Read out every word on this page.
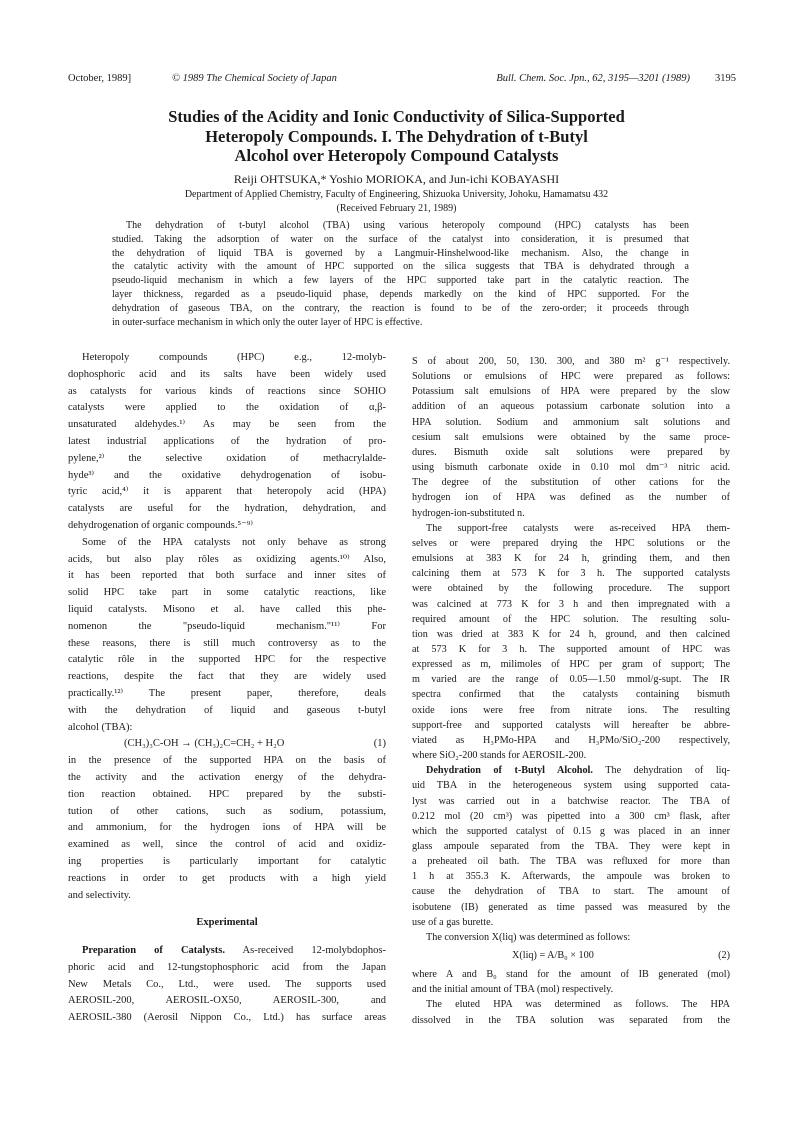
October, 1989]	© 1989 The Chemical Society of Japan	Bull. Chem. Soc. Jpn., 62, 3195—3201 (1989) 3195
Studies of the Acidity and Ionic Conductivity of Silica-Supported
Heteropoly Compounds. I. The Dehydration of t-Butyl
Alcohol over Heteropoly Compound Catalysts
Reiji OHTSUKA,* Yoshio MORIOKA, and Jun-ichi KOBAYASHI
Department of Applied Chemistry, Faculty of Engineering, Shizuoka University, Johoku, Hamamatsu 432
(Received February 21, 1989)
The dehydration of t-butyl alcohol (TBA) using various heteropoly compound (HPC) catalysts has been
studied. Taking the adsorption of water on the surface of the catalyst into consideration, it is presumed that
the dehydration of liquid TBA is governed by a Langmuir-Hinshelwood-like mechanism. Also, the change in
the catalytic activity with the amount of HPC supported on the silica suggests that TBA is dehydrated through a
pseudo-liquid mechanism in which a few layers of the HPC supported take part in the catalytic reaction. The
layer thickness, regarded as a pseudo-liquid phase, depends markedly on the kind of HPC supported. For the
dehydration of gaseous TBA, on the contrary, the reaction is found to be of the zero-order; it proceeds through
in outer-surface mechanism in which only the outer layer of HPC is effective.
Heteropoly compounds (HPC) e.g., 12-molyb-
dophosphoric acid and its salts have been widely used
as catalysts for various kinds of reactions since SOHIO
catalysts were applied to the oxidation of α,β-
unsaturated aldehydes.¹⁾ As may be seen from the
latest industrial applications of the hydration of pro-
pylene,²⁾ the selective oxidation of methacrylalde-
hyde³⁾ and the oxidative dehydrogenation of isobu-
tyric acid,⁴⁾ it is apparent that heteropoly acid (HPA)
catalysts are useful for the hydration, dehydration, and
dehydrogenation of organic compounds.⁵⁻⁹⁾
Some of the HPA catalysts not only behave as strong
acids, but also play rôles as oxidizing agents.¹⁰⁾ Also,
it has been reported that both surface and inner sites of
solid HPC take part in some catalytic reactions, like
liquid catalysts. Misono et al. have called this phe-
nomenon the "pseudo-liquid mechanism."¹¹⁾ For
these reasons, there is still much controversy as to the
catalytic rôle in the supported HPC for the respective
reactions, despite the fact that they are widely used
practically.¹²⁾ The present paper, therefore, deals
with the dehydration of liquid and gaseous t-butyl
alcohol (TBA):
(CH₃)₃C-OH → (CH₃)₂C=CH₂ + H₂O	(1)
in the presence of the supported HPA on the basis of
the activity and the activation energy of the dehydra-
tion reaction obtained. HPC prepared by the substi-
tution of other cations, such as sodium, potassium,
and ammonium, for the hydrogen ions of HPA will be
examined as well, since the control of acid and oxidiz-
ing properties is particularly important for catalytic
reactions in order to get products with a high yield
and selectivity.
Experimental
Preparation of Catalysts. As-received 12-molybdophos-
phoric acid and 12-tungstophosphoric acid from the Japan
New Metals Co., Ltd., were used. The supports used
AEROSIL-200, AEROSIL-OX50, AEROSIL-300, and
AEROSIL-380 (Aerosil Nippon Co., Ltd.) has surface areas
S of about 200, 50, 130. 300, and 380 m² g⁻¹ respectively.
Solutions or emulsions of HPC were prepared as follows:
Potassium salt emulsions of HPA were prepared by the slow
addition of an aqueous potassium carbonate solution into a
HPA solution. Sodium and ammonium salt solutions and
cesium salt emulsions were obtained by the same proce-
dures. Bismuth oxide salt solutions were prepared by
using bismuth carbonate oxide in 0.10 mol dm⁻³ nitric acid.
The degree of the substitution of other cations for the
hydrogen ion of HPA was defined as the number of
hydrogen-ion-substituted n.
The support-free catalysts were as-received HPA them-
selves or were prepared drying the HPC solutions or the
emulsions at 383 K for 24 h, grinding them, and then
calcining them at 573 K for 3 h. The supported catalysts
were obtained by the following procedure. The support
was calcined at 773 K for 3 h and then impregnated with a
required amount of the HPC solution. The resulting solu-
tion was dried at 383 K for 24 h, ground, and then calcined
at 573 K for 3 h. The supported amount of HPC was
expressed as m, milimoles of HPC per gram of support; The
m varied are the range of 0.05—1.50 mmol/g-supt. The IR
spectra confirmed that the catalysts containing bismuth
oxide ions were free from nitrate ions. The resulting
support-free and supported catalysts will hereafter be abbre-
viated as H₃PMo-HPA and H₃PMo/SiO₂-200 respectively,
where SiO₂-200 stands for AEROSIL-200.
Dehydration of t-Butyl Alcohol. The dehydration of liq-
uid TBA in the heterogeneous system using supported cata-
lyst was carried out in a batchwise reactor. The TBA of
0.212 mol (20 cm³) was pipetted into a 300 cm³ flask, after
which the supported catalyst of 0.15 g was placed in an inner
glass ampoule separated from the TBA. They were kept in
a preheated oil bath. The TBA was refluxed for more than
1 h at 355.3 K. Afterwards, the ampoule was broken to
cause the dehydration of TBA to start. The amount of
isobutene (IB) generated as time passed was measured by the
use of a gas burette.
The conversion X(liq) was determined as follows:
X(liq) = A/B₀ × 100	(2)
where A and B₀ stand for the amount of IB generated (mol)
and the initial amount of TBA (mol) respectively.
The eluted HPA was determined as follows. The HPA
dissolved in the TBA solution was separated from the
